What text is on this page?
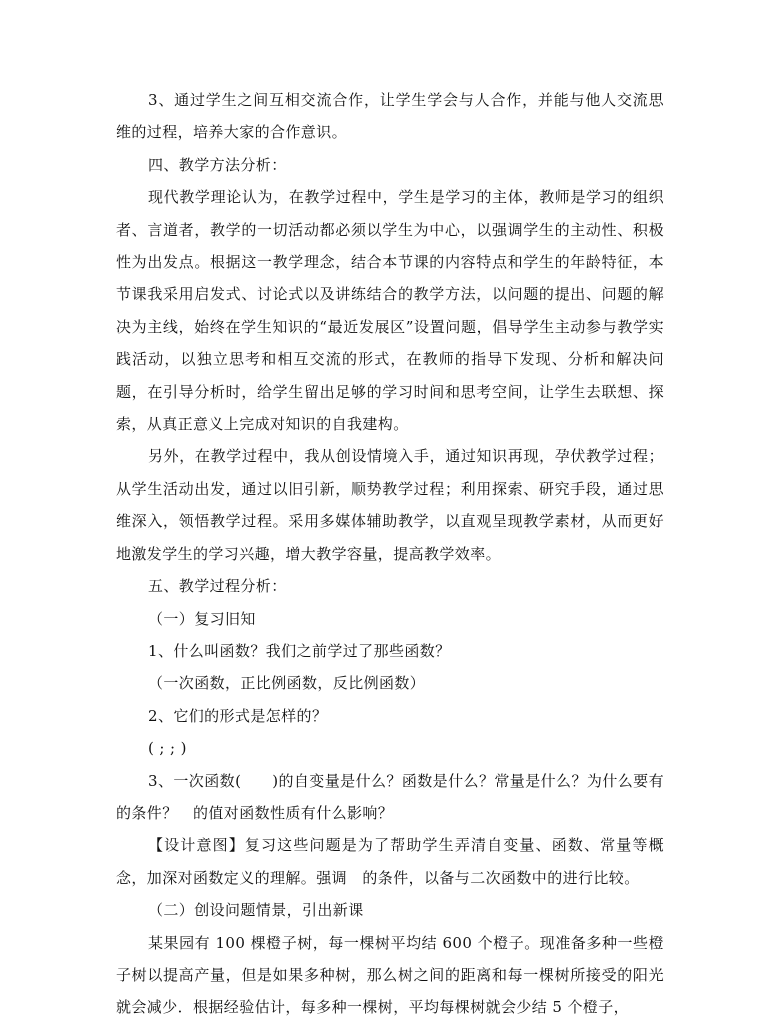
3、通过学生之间互相交流合作，让学生学会与人合作，并能与他人交流思维的过程，培养大家的合作意识。

四、教学方法分析：

现代教学理论认为，在教学过程中，学生是学习的主体，教师是学习的组织者、言道者，教学的一切活动都必须以学生为中心，以强调学生的主动性、积极性为出发点。根据这一教学理念，结合本节课的内容特点和学生的年龄特征，本节课我采用启发式、讨论式以及讲练结合的教学方法，以问题的提出、问题的解决为主线，始终在学生知识的“最近发展区”设置问题，倡导学生主动参与教学实践活动，以独立思考和相互交流的形式，在教师的指导下发现、分析和解决问题，在引导分析时，给学生留出足够的学习时间和思考空间，让学生去联想、探索，从真正意义上完成对知识的自我建构。

另外，在教学过程中，我从创设情境入手，通过知识再现，孕伏教学过程；从学生活动出发，通过以旧引新，顺势教学过程；利用探索、研究手段，通过思维深入，领悟教学过程。采用多媒体辅助教学，以直观呈现教学素材，从而更好地激发学生的学习兴趣，增大教学容量，提高教学效率。

五、教学过程分析：

（一）复习旧知

1、什么叫函数？我们之前学过了那些函数？

（一次函数，正比例函数，反比例函数）

2、它们的形式是怎样的？

( ; ; )

3、一次函数(　　)的自变量是什么？函数是什么？常量是什么？为什么要有的条件？　的值对函数性质有什么影响？

【设计意图】复习这些问题是为了帮助学生弄清自变量、函数、常量等概念，加深对函数定义的理解。强调　的条件，以备与二次函数中的进行比较。

（二）创设问题情景，引出新课

某果园有 100 棵橙子树，每一棵树平均结 600 个橙子。现准备多种一些橙子树以提高产量，但是如果多种树，那么树之间的距离和每一棵树所接受的阳光就会减少．根据经验估计，每多种一棵树，平均每棵树就会少结 5 个橙子，
